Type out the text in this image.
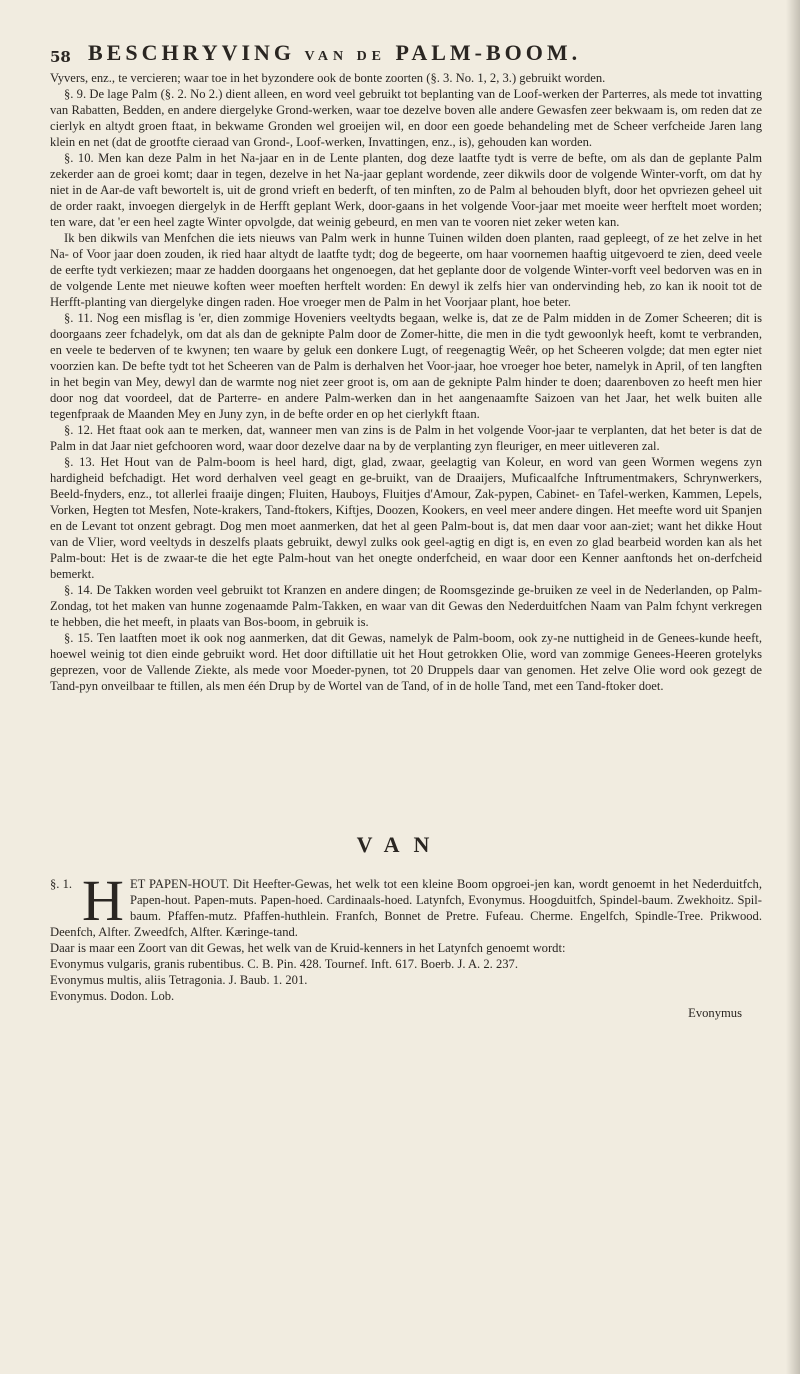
58 BESCHRYVING VAN DE PALM-BOOM.

Vyvers, enz., te vercieren; waar toe in het byzondere ook de bonte zoorten (§. 3. No. 1, 2, 3.) gebruikt worden.

§. 9. De lage Palm (§. 2. No 2.) dient alleen, en word veel gebruikt tot beplanting van de Loof-werken der Parterres, als mede tot invatting van Rabatten, Bedden, en andere diergelyke Grond-werken, waar toe dezelve boven alle andere Gewasfen zeer bekwaam is, om reden dat ze cierlyk en altydt groen ftaat, in bekwame Gronden wel groeijen wil, en door een goede behandeling met de Scheer verfcheide Jaren lang klein en net (dat de grootfte cieraad van Grond-, Loof-werken, Invattingen, enz., is), gehouden kan worden.

§. 10. Men kan deze Palm in het Na-jaar en in de Lente planten, dog deze laatfte tydt is verre de befte, om als dan de geplante Palm zekerder aan de groei komt; daar in tegen, dezelve in het Na-jaar geplant wordende, zeer dikwils door de volgende Winter-vorft, om dat hy niet in de Aar-de vaft bewortelt is, uit de grond vrieft en bederft, of ten minften, zo de Palm al behouden blyft, door het opvriezen geheel uit de order raakt, invoegen diergelyk in de Herfft geplant Werk, door-gaans in het volgende Voor-jaar met moeite weer herftelt moet worden; ten ware, dat 'er een heel zagte Winter opvolgde, dat weinig gebeurd, en men van te vooren niet zeker weten kan.

Ik ben dikwils van Menfchen die iets nieuws van Palm werk in hunne Tuinen wilden doen planten, raad gepleegt, of ze het zelve in het Na- of Voor jaar doen zouden, ik ried haar altydt de laatfte tydt; dog de begeerte, om haar voornemen haaftig uitgevoerd te zien, deed veele de eerfte tydt verkiezen; maar ze hadden doorgaans het ongenoegen, dat het geplante door de volgende Winter-vorft veel bedorven was en in de volgende Lente met nieuwe koften weer moeften herftelt worden: En dewyl ik zelfs hier van ondervinding heb, zo kan ik nooit tot de Herfft-planting van diergelyke dingen raden. Hoe vroeger men de Palm in het Voorjaar plant, hoe beter.

§. 11. Nog een misflag is 'er, dien zommige Hoveniers veeltydts begaan, welke is, dat ze de Palm midden in de Zomer Scheeren; dit is doorgaans zeer fchadelyk, om dat als dan de geknipte Palm door de Zomer-hitte, die men in die tydt gewoonlyk heeft, komt te verbranden, en veele te bederven of te kwynen; ten waare by geluk een donkere Lugt, of reegenagtig Weêr, op het Scheeren volgde; dat men egter niet voorzien kan. De befte tydt tot het Scheeren van de Palm is derhalven het Voor-jaar, hoe vroeger hoe beter, namelyk in April, of ten langften in het begin van Mey, dewyl dan de warmte nog niet zeer groot is, om aan de geknipte Palm hinder te doen; daarenboven zo heeft men hier door nog dat voordeel, dat de Parterre- en andere Palm-werken dan in het aangenaamfte Saizoen van het Jaar, het welk buiten alle tegenfpraak de Maanden Mey en Juny zyn, in de befte order en op het cierlykft ftaan.

§. 12. Het ftaat ook aan te merken, dat, wanneer men van zins is de Palm in het volgende Voor-jaar te verplanten, dat het beter is dat de Palm in dat Jaar niet gefchooren word, waar door dezelve daar na by de verplanting zyn fleuriger, en meer uitleveren zal.

§. 13. Het Hout van de Palm-boom is heel hard, digt, glad, zwaar, geelagtig van Koleur, en word van geen Wormen wegens zyn hardigheid befchadigt. Het word derhalven veel geagt en ge-bruikt, van de Draaijers, Muficaalfche Inftrumentmakers, Schrynwerkers, Beeld-fnyders, enz., tot allerlei fraaije dingen; Fluiten, Hauboys, Fluitjes d'Amour, Zak-pypen, Cabinet- en Tafel-werken, Kammen, Lepels, Vorken, Hegten tot Mesfen, Note-krakers, Tand-ftokers, Kiftjes, Doozen, Kookers, en veel meer andere dingen. Het meefte word uit Spanjen en de Levant tot onzent gebragt. Dog men moet aanmerken, dat het al geen Palm-bout is, dat men daar voor aan-ziet; want het dikke Hout van de Vlier, word veeltyds in deszelfs plaats gebruikt, dewyl zulks ook geel-agtig en digt is, en even zo glad bearbeid worden kan als het Palm-bout: Het is de zwaar-te die het egte Palm-hout van het onegte onderfcheid, en waar door een Kenner aanftonds het on-derfcheid bemerkt.

§. 14. De Takken worden veel gebruikt tot Kranzen en andere dingen; de Roomsgezinde ge-bruiken ze veel in de Nederlanden, op Palm-Zondag, tot het maken van hunne zogenaamde Palm-Takken, en waar van dit Gewas den Nederduitfchen Naam van Palm fchynt verkregen te hebben, die het meeft, in plaats van Bos-boom, in gebruik is.

§. 15. Ten laatften moet ik ook nog aanmerken, dat dit Gewas, namelyk de Palm-boom, ook zy-ne nuttigheid in de Genees-kunde heeft, hoewel weinig tot dien einde gebruikt word. Het door diftillatie uit het Hout getrokken Olie, word van zommige Genees-Heeren grotelyks geprezen, voor de Vallende Ziekte, als mede voor Moeder-pynen, tot 20 Druppels daar van genomen. Het zelve Olie word ook gezegt de Tand-pyn onveilbaar te ftillen, als men één Drup by de Wortel van de Tand, of in de holle Tand, met een Tand-ftoker doet.

VAN
§. 1. H ET PAPEN-HOUT. Dit Heefter-Gewas, het welk tot een kleine Boom opgroei-jen kan, wordt genoemt in het Nederduitfch, Papen-hout. Papen-muts. Papen-hoed. Cardinaals-hoed. Latynfch, Evonymus. Hoogduitfch, Spindel-baum. Zwekhoitz. Spil-baum. Pfaffen-mutz. Pfaffen-huthlein. Franfch, Bonnet de Pretre. Fufeau. Cherme. Engelfch, Spindle-Tree. Prikwood. Deenfch, Alfter. Zweedfch, Alfter. Kæringe-tand.
Daar is maar een Zoort van dit Gewas, het welk van de Kruid-kenners in het Latynfch genoemt wordt:
Evonymus vulgaris, granis rubentibus. C. B. Pin. 428. Tournef. Inft. 617. Boerb. J. A. 2. 237.
Evonymus multis, aliis Tetragonia. J. Baub. 1. 201.
Evonymus. Dodon. Lob.
Evonymus
